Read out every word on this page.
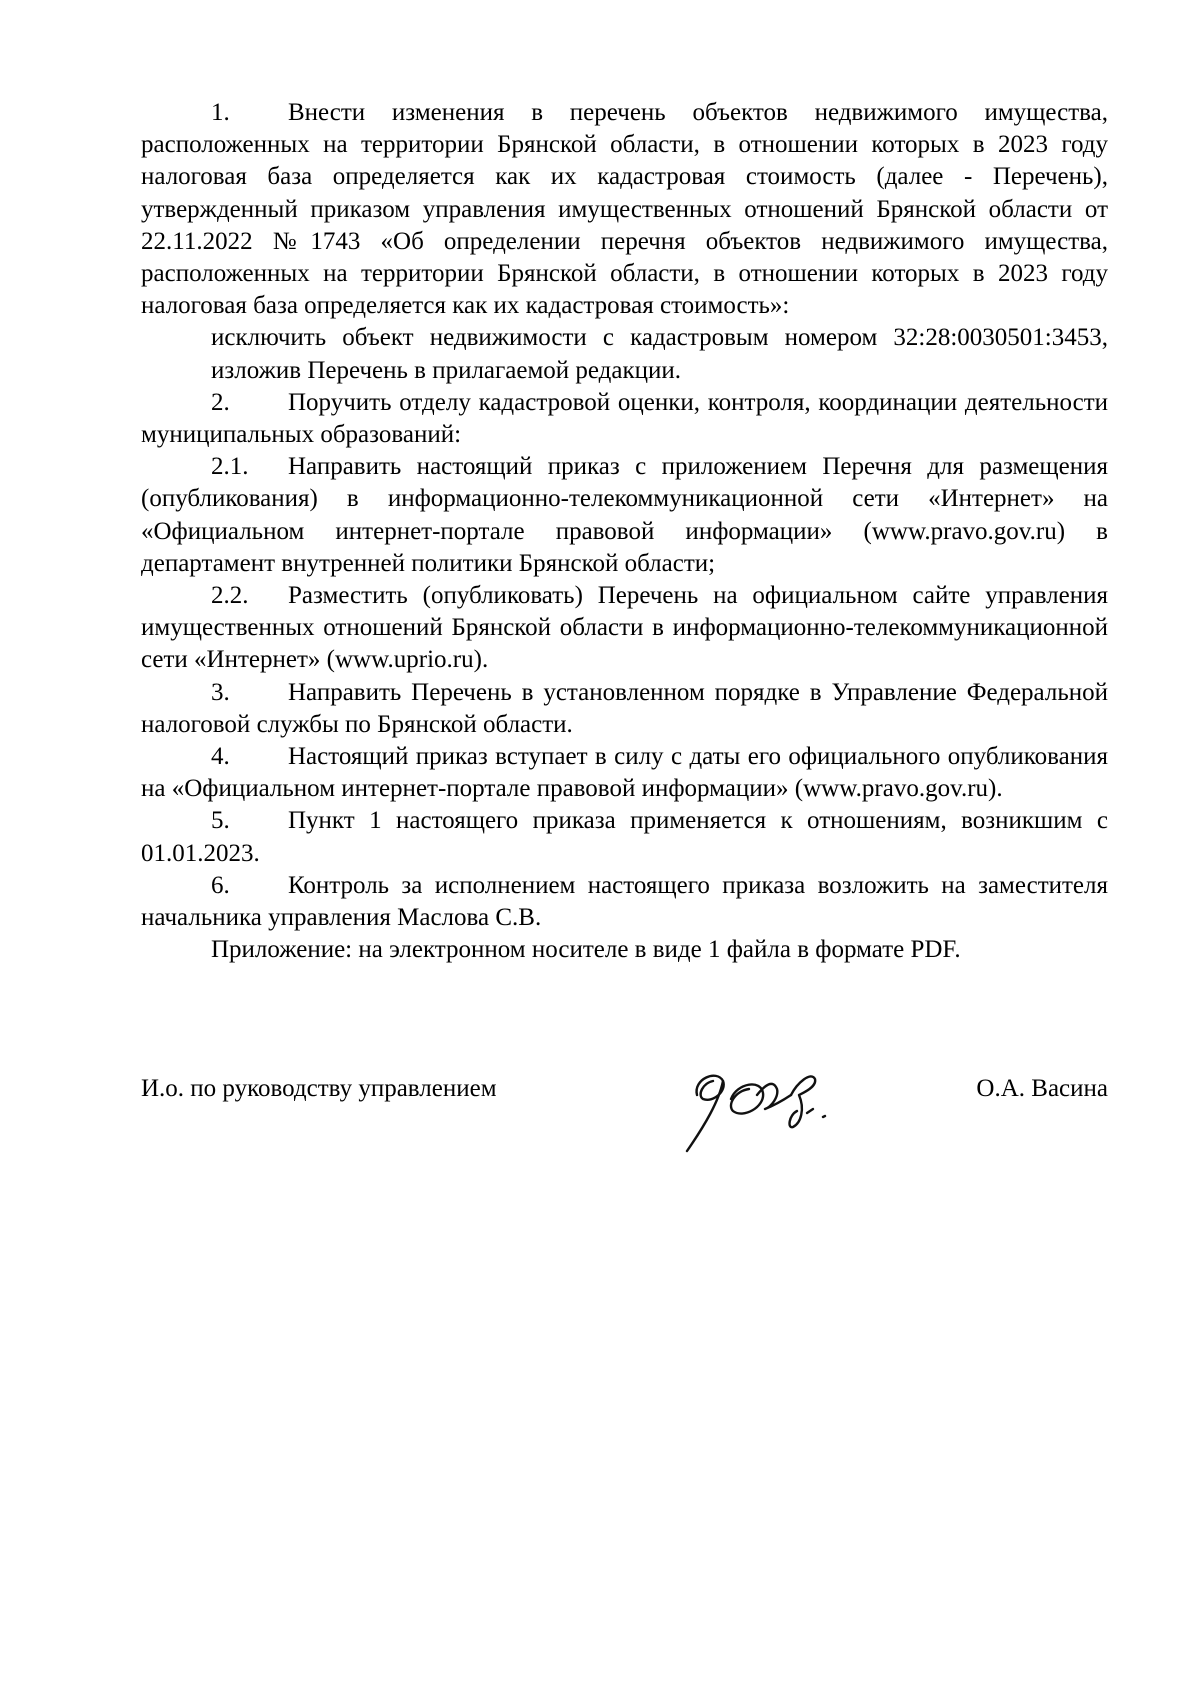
1. Внести изменения в перечень объектов недвижимого имущества, расположенных на территории Брянской области, в отношении которых в 2023 году налоговая база определяется как их кадастровая стоимость (далее - Перечень), утвержденный приказом управления имущественных отношений Брянской области от 22.11.2022 №1743 «Об определении перечня объектов недвижимого имущества, расположенных на территории Брянской области, в отношении которых в 2023 году налоговая база определяется как их кадастровая стоимость»:

исключить объект недвижимости с кадастровым номером 32:28:0030501:3453, изложив Перечень в прилагаемой редакции.

2. Поручить отделу кадастровой оценки, контроля, координации деятельности муниципальных образований:

2.1. Направить настоящий приказ с приложением Перечня для размещения (опубликования) в информационно-телекоммуникационной сети «Интернет» на «Официальном интернет-портале правовой информации» (www.pravo.gov.ru) в департамент внутренней политики Брянской области;

2.2. Разместить (опубликовать) Перечень на официальном сайте управления имущественных отношений Брянской области в информационно-телекоммуникационной сети «Интернет» (www.uprio.ru).

3. Направить Перечень в установленном порядке в Управление Федеральной налоговой службы по Брянской области.

4. Настоящий приказ вступает в силу с даты его официального опубликования на «Официальном интернет-портале правовой информации» (www.pravo.gov.ru).

5. Пункт 1 настоящего приказа применяется к отношениям, возникшим с 01.01.2023.

6. Контроль за исполнением настоящего приказа возложить на заместителя начальника управления Маслова С.В.

Приложение: на электронном носителе в виде 1 файла в формате PDF.

И.о. по руководству управлением	О.А. Васина
